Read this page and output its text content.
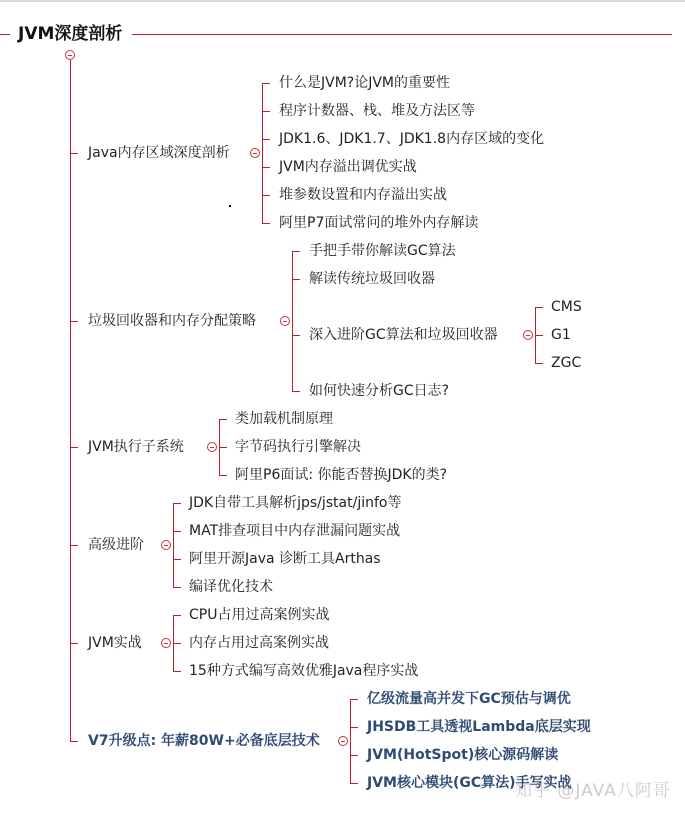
JVM深度剖析
Java内存区域深度剖析
什么是JVM?论JVM的重要性
程序计数器、栈、堆及方法区等
JDK1.6、JDK1.7、JDK1.8内存区域的变化
JVM内存溢出调优实战
堆参数设置和内存溢出实战
阿里P7面试常问的堆外内存解读
垃圾回收器和内存分配策略
手把手带你解读GC算法
解读传统垃圾回收器
深入进阶GC算法和垃圾回收器
如何快速分析GC日志?
CMS
G1
ZGC
JVM执行子系统
类加载机制原理
字节码执行引擎解决
阿里P6面试: 你能否替换JDK的类?
高级进阶
JDK自带工具解析jps/jstat/jinfo等
MAT排查项目中内存泄漏问题实战
阿里开源Java 诊断工具Arthas
编译优化技术
JVM实战
CPU占用过高案例实战
内存占用过高案例实战
15种方式编写高效优雅Java程序实战
V7升级点: 年薪80W+必备底层技术
亿级流量高并发下GC预估与调优
JHSDB工具透视Lambda底层实现
JVM(HotSpot)核心源码解读
JVM核心模块(GC算法)手写实战
知乎 @JAVA八阿哥
